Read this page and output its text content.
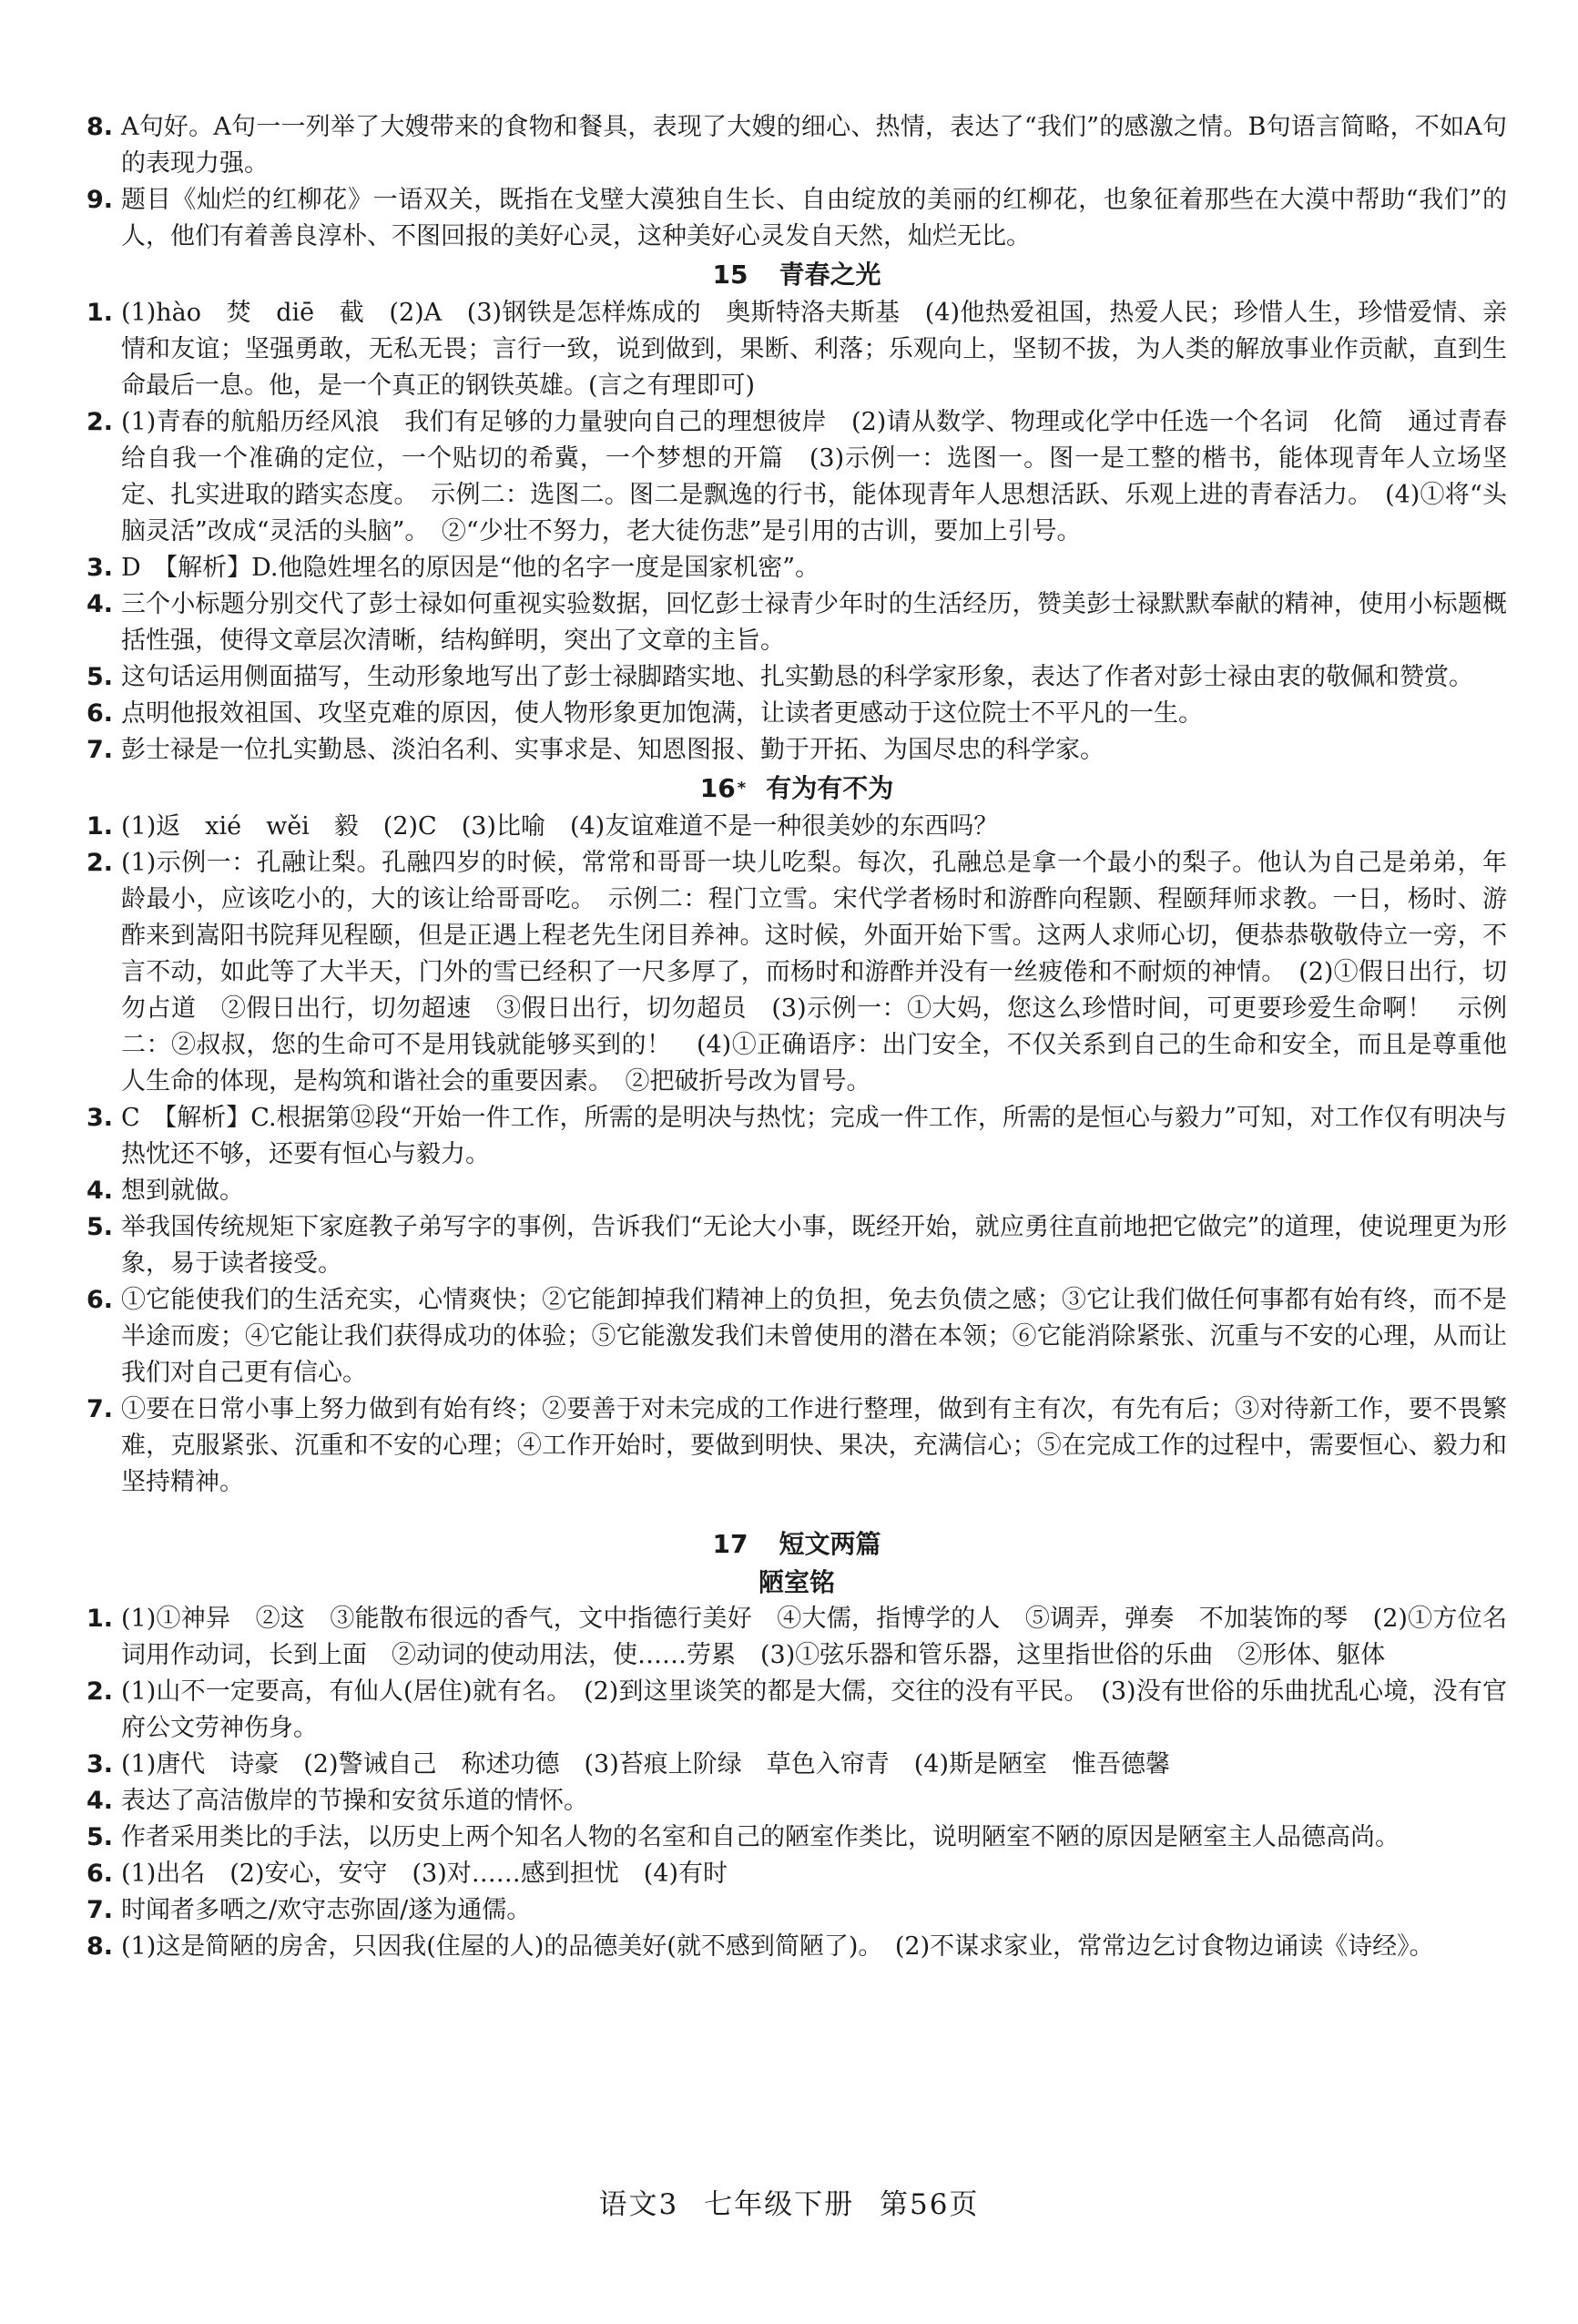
8. A句好。A句一一列举了大嫂带来的食物和餐具，表现了大嫂的细心、热情，表达了“我们”的感激之情。B句语言简略，不如A句的表现力强。

9. 题目《灿烂的红柳花》一语双关，既指在戈壁大漠独自生长、自由绽放的美丽的红柳花，也象征着那些在大漠中帮助“我们”的人，他们有着善良淳朴、不图回报的美好心灵，这种美好心灵发自天然，灿烂无比。

15 青春之光

1. (1)hào　焚　diē　截　(2)A　(3)钢铁是怎样炼成的　奥斯特洛夫斯基　(4)他热爱祖国，热爱人民；珍惜人生，珍惜爱情、亲情和友谊；坚强勇敢，无私无畏；言行一致，说到做到，果断、利落；乐观向上，坚韧不拔，为人类的解放事业作贡献，直到生命最后一息。他，是一个真正的钢铁英雄。(言之有理即可)

2. (1)青春的航船历经风浪　我们有足够的力量驶向自己的理想彼岸　(2)请从数学、物理或化学中任选一个名词　化简　通过青春给自我一个准确的定位，一个贴切的希冀，一个梦想的开篇　(3)示例一：选图一。图一是工整的楷书，能体现青年人立场坚定、扎实进取的踏实态度。　示例二：选图二。图二是飘逸的行书，能体现青年人思想活跃、乐观上进的青春活力。　(4)①将“头脑灵活”改成“灵活的头脑”。　②“少壮不努力，老大徒伤悲”是引用的古训，要加上引号。

3. D　【解析】D.他隐姓埋名的原因是“他的名字一度是国家机密”。

4. 三个小标题分别交代了彭士禄如何重视实验数据，回忆彭士禄青少年时的生活经历，赞美彭士禄默默奉献的精神，使用小标题概括性强，使得文章层次清晰，结构鲜明，突出了文章的主旨。

5. 这句话运用侧面描写，生动形象地写出了彭士禄脚踏实地、扎实勤恳的科学家形象，表达了作者对彭士禄由衷的敬佩和赞赏。

6. 点明他报效祖国、攻坚克难的原因，使人物形象更加饱满，让读者更感动于这位院士不平凡的一生。

7. 彭士禄是一位扎实勤恳、淡泊名利、实事求是、知恩图报、勤于开拓、为国尽忠的科学家。

16 * 有为有不为

1. (1)返　xié　wěi　毅　(2)C　(3)比喻　(4)友谊难道不是一种很美妙的东西吗？

2. (1)示例一：孔融让梨。孔融四岁的时候，常常和哥哥一块儿吃梨。每次，孔融总是拿一个最小的梨子。他认为自己是弟弟，年龄最小，应该吃小的，大的该让给哥哥吃。　示例二：程门立雪。宋代学者杨时和游酢向程颢、程颐拜师求教。一日，杨时、游酢来到嵩阳书院拜见程颐，但是正遇上程老先生闭目养神。这时候，外面开始下雪。这两人求师心切，便恭恭敬敬侍立一旁，不言不动，如此等了大半天，门外的雪已经积了一尺多厚了，而杨时和游酢并没有一丝疲倦和不耐烦的神情。　(2)①假日出行，切勿占道　②假日出行，切勿超速　③假日出行，切勿超员　(3)示例一：①大妈，您这么珍惜时间，可更要珍爱生命啊！　示例二：②叔叔，您的生命可不是用钱就能够买到的！　(4)①正确语序：出门安全，不仅关系到自己的生命和安全，而且是尊重他人生命的体现，是构筑和谐社会的重要因素。　②把破折号改为冒号。

3. C　【解析】C.根据第⑫段“开始一件工作，所需的是明决与热忱；完成一件工作，所需的是恒心与毅力”可知，对工作仅有明决与热忱还不够，还要有恒心与毅力。

4. 想到就做。

5. 举我国传统规矩下家庭教子弟写字的事例，告诉我们“无论大小事，既经开始，就应勇往直前地把它做完”的道理，使说理更为形象，易于读者接受。

6. ①它能使我们的生活充实，心情爽快；②它能卸掉我们精神上的负担，免去负债之感；③它让我们做任何事都有始有终，而不是半途而废；④它能让我们获得成功的体验；⑤它能激发我们未曾使用的潜在本领；⑥它能消除紧张、沉重与不安的心理，从而让我们对自己更有信心。

7. ①要在日常小事上努力做到有始有终；②要善于对未完成的工作进行整理，做到有主有次，有先有后；③对待新工作，要不畏繁难，克服紧张、沉重和不安的心理；④工作开始时，要做到明快、果决，充满信心；⑤在完成工作的过程中，需要恒心、毅力和坚持精神。

17 短文两篇
陋室铭

1. (1)①神异　②这　③能散布很远的香气，文中指德行美好　④大儒，指博学的人　⑤调弄，弹奏　不加装饰的琴　(2)①方位名词用作动词，长到上面　②动词的使动用法，使……劳累　(3)①弦乐器和管乐器，这里指世俗的乐曲　②形体、躯体

2. (1)山不一定要高，有仙人(居住)就有名。　(2)到这里谈笑的都是大儒，交往的没有平民。　(3)没有世俗的乐曲扰乱心境，没有官府公文劳神伤身。

3. (1)唐代　诗豪　(2)警诫自己　称述功德　(3)苔痕上阶绿　草色入帘青　(4)斯是陋室　惟吾德馨

4. 表达了高洁傲岸的节操和安贫乐道的情怀。

5. 作者采用类比的手法，以历史上两个知名人物的名室和自己的陋室作类比，说明陋室不陋的原因是陋室主人品德高尚。

6. (1)出名　(2)安心，安守　(3)对……感到担忧　(4)有时

7. 时闻者多哂之/欢守志弥固/遂为通儒。

8. (1)这是简陋的房舍，只因我(住屋的人)的品德美好(就不感到简陋了)。　(2)不谋求家业，常常边乞讨食物边诵读《诗经》。

语文3 七年级下册 第56页
